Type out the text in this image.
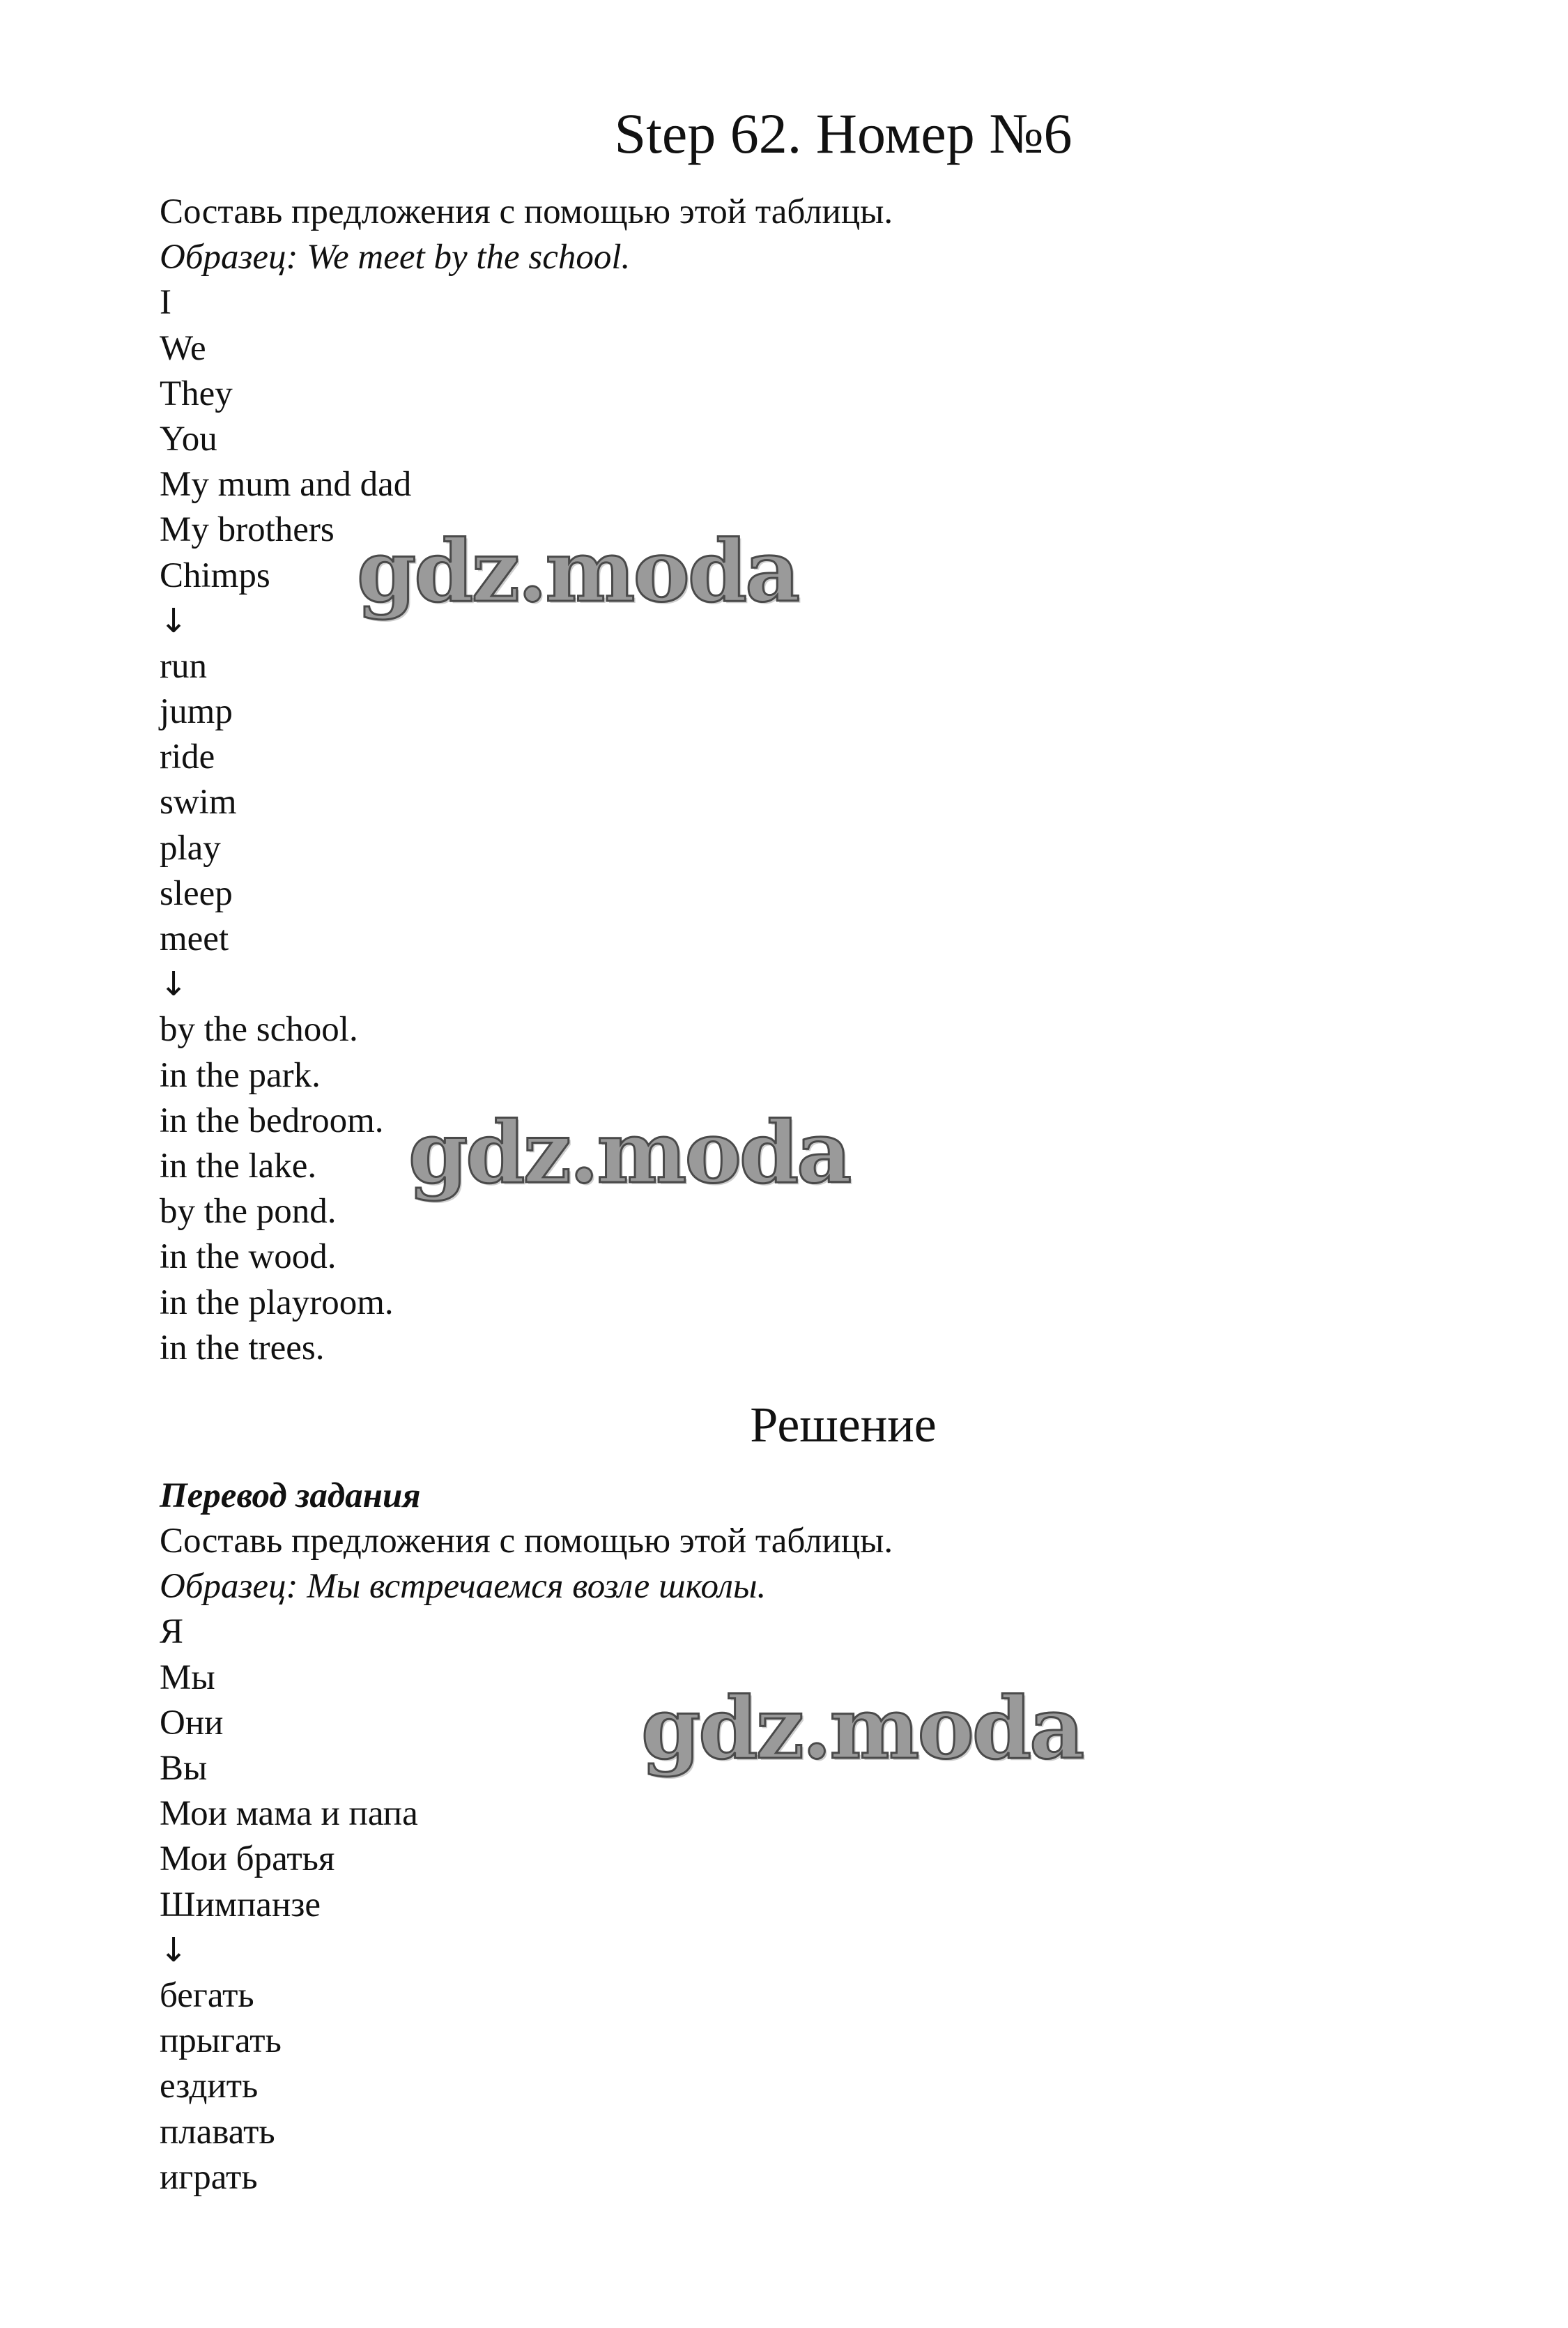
Step 62. Номер №6
Составь предложения с помощью этой таблицы.
Образец: We meet by the school.
I
We
They
You
My mum and dad
My brothers
Chimps
↓
run
jump
ride
swim
play
sleep
meet
↓
by the school.
in the park.
in the bedroom.
in the lake.
by the pond.
in the wood.
in the playroom.
in the trees.
Решение
Перевод задания
Составь предложения с помощью этой таблицы.
Образец: Мы встречаемся возле школы.
Я
Мы
Они
Вы
Мои мама и папа
Мои братья
Шимпанзе
↓
бегать
прыгать
ездить
плавать
играть
gdz.moda
gdz.moda
gdz.moda
